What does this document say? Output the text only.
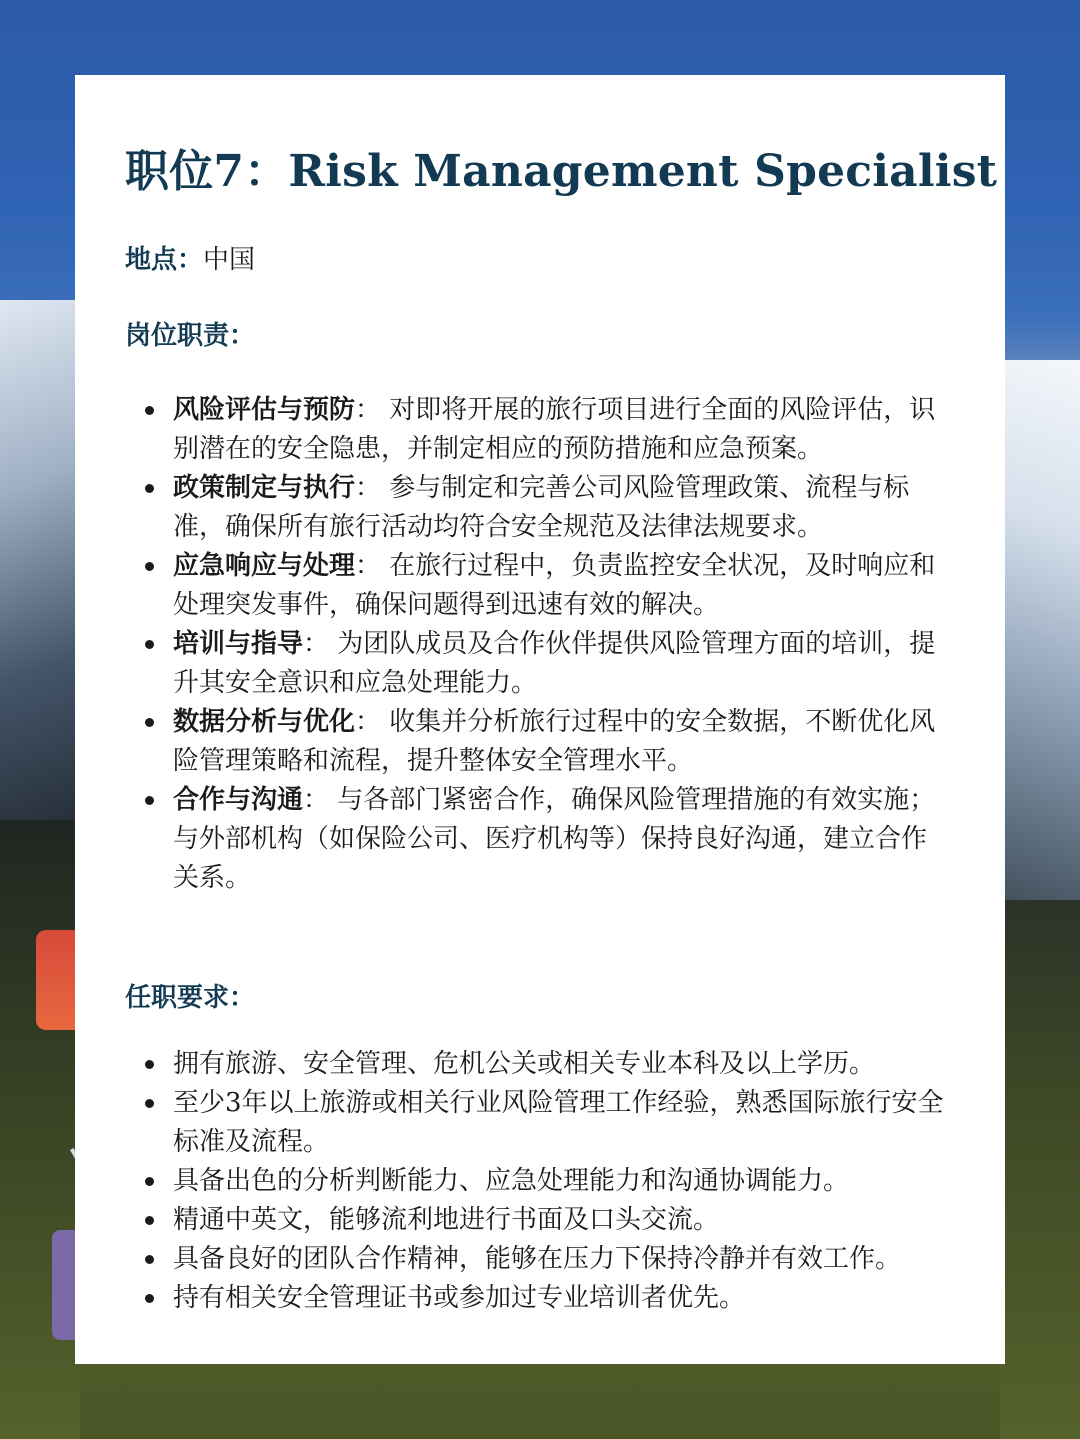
职位7：Risk Management Specialist
地点：中国
岗位职责：
风险评估与预防： 对即将开展的旅行项目进行全面的风险评估，识别潜在的安全隐患，并制定相应的预防措施和应急预案。
政策制定与执行： 参与制定和完善公司风险管理政策、流程与标准，确保所有旅行活动均符合安全规范及法律法规要求。
应急响应与处理： 在旅行过程中，负责监控安全状况，及时响应和处理突发事件，确保问题得到迅速有效的解决。
培训与指导： 为团队成员及合作伙伴提供风险管理方面的培训，提升其安全意识和应急处理能力。
数据分析与优化： 收集并分析旅行过程中的安全数据，不断优化风险管理策略和流程，提升整体安全管理水平。
合作与沟通： 与各部门紧密合作，确保风险管理措施的有效实施；与外部机构（如保险公司、医疗机构等）保持良好沟通，建立合作关系。
任职要求：
拥有旅游、安全管理、危机公关或相关专业本科及以上学历。
至少3年以上旅游或相关行业风险管理工作经验，熟悉国际旅行安全标准及流程。
具备出色的分析判断能力、应急处理能力和沟通协调能力。
精通中英文，能够流利地进行书面及口头交流。
具备良好的团队合作精神，能够在压力下保持冷静并有效工作。
持有相关安全管理证书或参加过专业培训者优先。
